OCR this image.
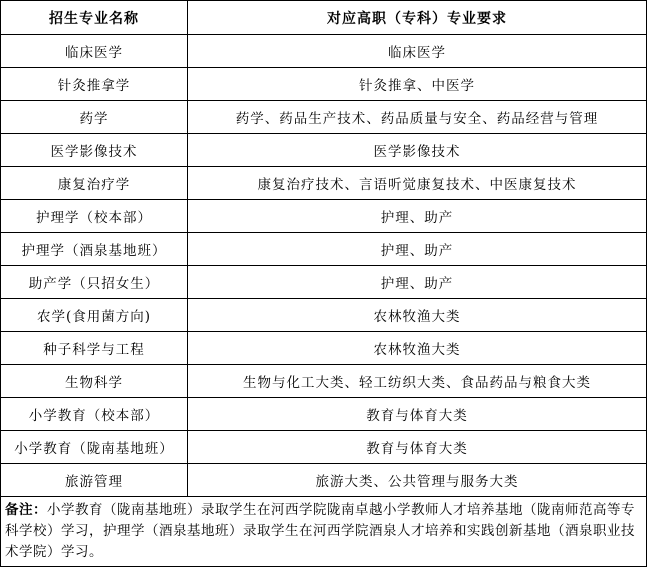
招生专业名称	对应高职（专科）专业要求
临床医学	临床医学
针灸推拿学	针灸推拿、中医学
药学	药学、药品生产技术、药品质量与安全、药品经营与管理
医学影像技术	医学影像技术
康复治疗学	康复治疗技术、言语听觉康复技术、中医康复技术
护理学（校本部）	护理、助产
护理学（酒泉基地班）	护理、助产
助产学（只招女生）	护理、助产
农学(食用菌方向)	农林牧渔大类
种子科学与工程	农林牧渔大类
生物科学	生物与化工大类、轻工纺织大类、食品药品与粮食大类
小学教育（校本部）	教育与体育大类
小学教育（陇南基地班）	教育与体育大类
旅游管理	旅游大类、公共管理与服务大类
备注：小学教育（陇南基地班）录取学生在河西学院陇南卓越小学教师人才培养基地（陇南师范高等专科学校）学习，护理学（酒泉基地班）录取学生在河西学院酒泉人才培养和实践创新基地（酒泉职业技术学院）学习。	
